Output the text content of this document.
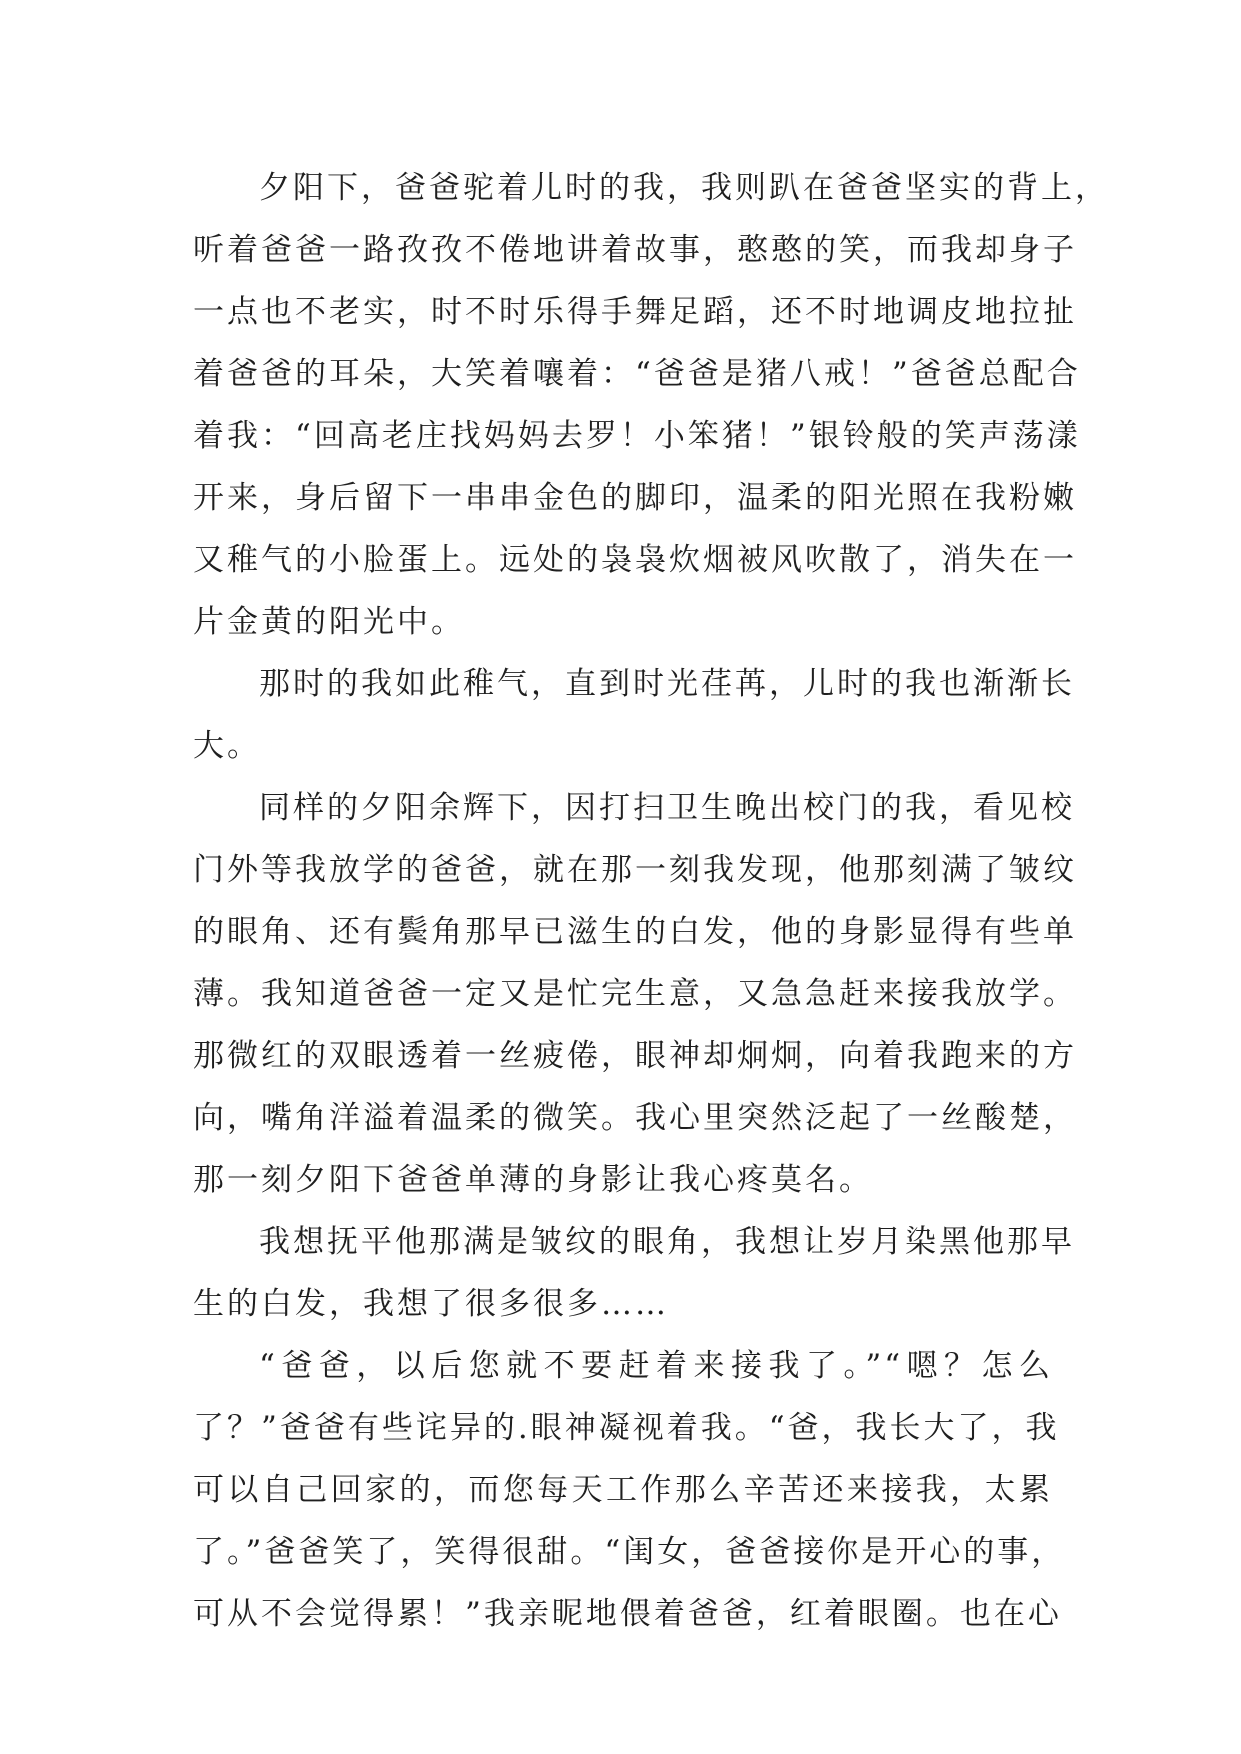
夕阳下，爸爸驼着儿时的我，我则趴在爸爸坚实的背上，
听着爸爸一路孜孜不倦地讲着故事，憨憨的笑，而我却身子
一点也不老实，时不时乐得手舞足蹈，还不时地调皮地拉扯
着爸爸的耳朵，大笑着嚷着：“爸爸是猪八戒！”爸爸总配合
着我：“回高老庄找妈妈去罗！小笨猪！”银铃般的笑声荡漾
开来，身后留下一串串金色的脚印，温柔的阳光照在我粉嫩
又稚气的小脸蛋上。远处的袅袅炊烟被风吹散了，消失在一
片金黄的阳光中。
那时的我如此稚气，直到时光荏苒，儿时的我也渐渐长
大。
同样的夕阳余辉下，因打扫卫生晚出校门的我，看见校
门外等我放学的爸爸，就在那一刻我发现，他那刻满了皱纹
的眼角、还有鬓角那早已滋生的白发，他的身影显得有些单
薄。我知道爸爸一定又是忙完生意，又急急赶来接我放学。
那微红的双眼透着一丝疲倦，眼神却炯炯，向着我跑来的方
向，嘴角洋溢着温柔的微笑。我心里突然泛起了一丝酸楚，
那一刻夕阳下爸爸单薄的身影让我心疼莫名。
我想抚平他那满是皱纹的眼角，我想让岁月染黑他那早
生的白发，我想了很多很多……
“爸爸，以后您就不要赶着来接我了。”“嗯？怎么
了？”爸爸有些诧异的.眼神凝视着我。“爸，我长大了，我
可以自己回家的，而您每天工作那么辛苦还来接我，太累
了。”爸爸笑了，笑得很甜。“闺女，爸爸接你是开心的事，
可从不会觉得累！”我亲昵地偎着爸爸，红着眼圈。也在心
